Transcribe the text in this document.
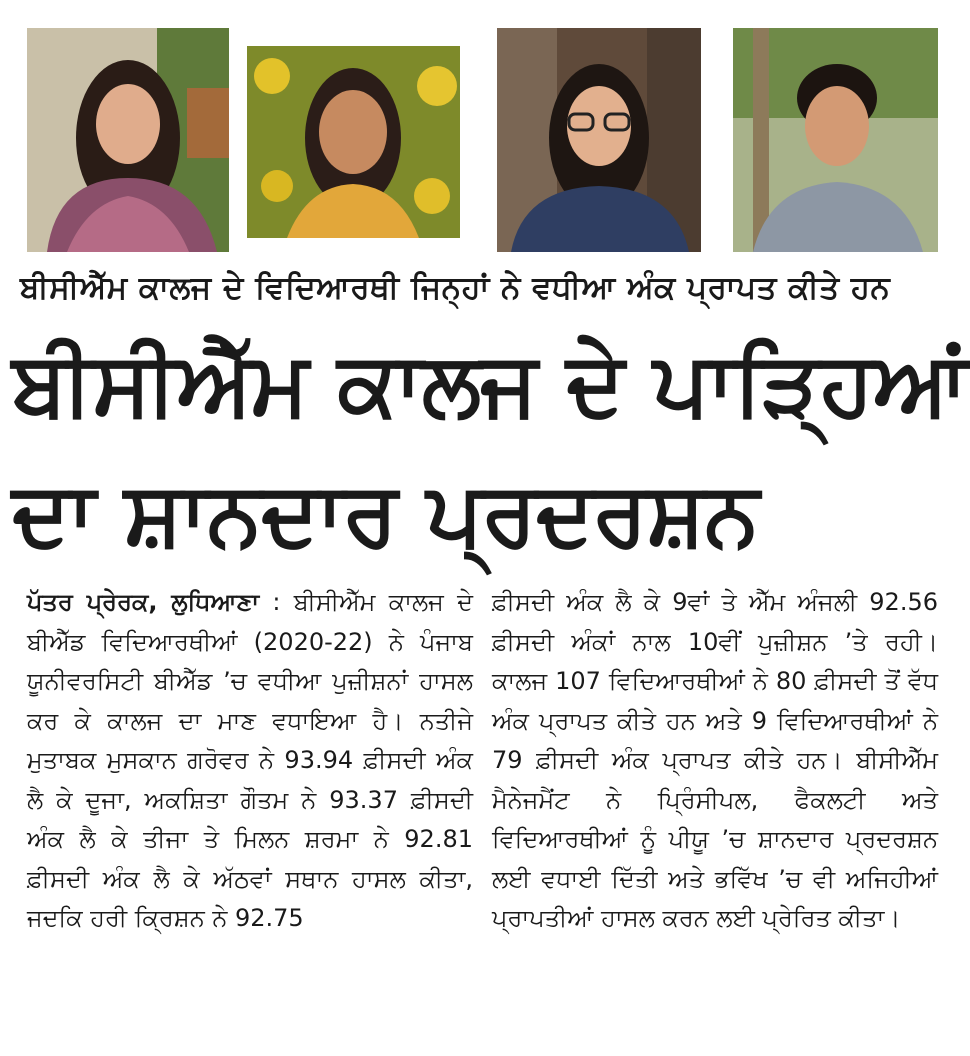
ਬੀਸੀਐੱਮ ਕਾਲਜ ਦੇ ਵਿਦਿਆਰਥੀ ਜਿਨ੍ਹਾਂ ਨੇ ਵਧੀਆ ਅੰਕ ਪ੍ਰਾਪਤ ਕੀਤੇ ਹਨ
ਬੀਸੀਐੱਮ ਕਾਲਜ ਦੇ ਪਾੜ੍ਹਿਆਂ
ਦਾ ਸ਼ਾਨਦਾਰ ਪ੍ਰਦਰਸ਼ਨ

ਪੱਤਰ ਪ੍ਰੇਰਕ, ਲੁਧਿਆਣਾ : ਬੀਸੀਐੱਮ ਕਾਲਜ ਦੇ ਬੀਐੱਡ ਵਿਦਿਆਰਥੀਆਂ (2020-22) ਨੇ ਪੰਜਾਬ ਯੂਨੀਵਰਸਿਟੀ ਬੀਐੱਡ ’ਚ ਵਧੀਆ ਪੁਜ਼ੀਸ਼ਨਾਂ ਹਾਸਲ ਕਰ ਕੇ ਕਾਲਜ ਦਾ ਮਾਣ ਵਧਾਇਆ ਹੈ। ਨਤੀਜੇ ਮੁਤਾਬਕ ਮੁਸਕਾਨ ਗਰੋਵਰ ਨੇ 93.94 ਫ਼ੀਸਦੀ ਅੰਕ ਲੈ ਕੇ ਦੂਜਾ, ਅਕਸ਼ਿਤਾ ਗੌਤਮ ਨੇ 93.37 ਫ਼ੀਸਦੀ ਅੰਕ ਲੈ ਕੇ ਤੀਜਾ ਤੇ ਮਿਲਨ ਸ਼ਰਮਾ ਨੇ 92.81 ਫ਼ੀਸਦੀ ਅੰਕ ਲੈ ਕੇ ਅੱਠਵਾਂ ਸਥਾਨ ਹਾਸਲ ਕੀਤਾ, ਜਦਕਿ ਹਰੀ ਕ੍ਰਿਸ਼ਨ ਨੇ 92.75

ਫ਼ੀਸਦੀ ਅੰਕ ਲੈ ਕੇ 9ਵਾਂ ਤੇ ਐੱਮ ਅੰਜਲੀ 92.56 ਫ਼ੀਸਦੀ ਅੰਕਾਂ ਨਾਲ 10ਵੀਂ ਪੁਜ਼ੀਸ਼ਨ ’ਤੇ ਰਹੀ। ਕਾਲਜ 107 ਵਿਦਿਆਰਥੀਆਂ ਨੇ 80 ਫ਼ੀਸਦੀ ਤੋਂ ਵੱਧ ਅੰਕ ਪ੍ਰਾਪਤ ਕੀਤੇ ਹਨ ਅਤੇ 9 ਵਿਦਿਆਰਥੀਆਂ ਨੇ 79 ਫ਼ੀਸਦੀ ਅੰਕ ਪ੍ਰਾਪਤ ਕੀਤੇ ਹਨ। ਬੀਸੀਐੱਮ ਮੈਨੇਜਮੈਂਟ ਨੇ ਪ੍ਰਿੰਸੀਪਲ, ਫੈਕਲਟੀ ਅਤੇ ਵਿਦਿਆਰਥੀਆਂ ਨੂੰ ਪੀਯੂ ’ਚ ਸ਼ਾਨਦਾਰ ਪ੍ਰਦਰਸ਼ਨ ਲਈ ਵਧਾਈ ਦਿੱਤੀ ਅਤੇ ਭਵਿੱਖ ’ਚ ਵੀ ਅਜਿਹੀਆਂ ਪ੍ਰਾਪਤੀਆਂ ਹਾਸਲ ਕਰਨ ਲਈ ਪ੍ਰੇਰਿਤ ਕੀਤਾ।
